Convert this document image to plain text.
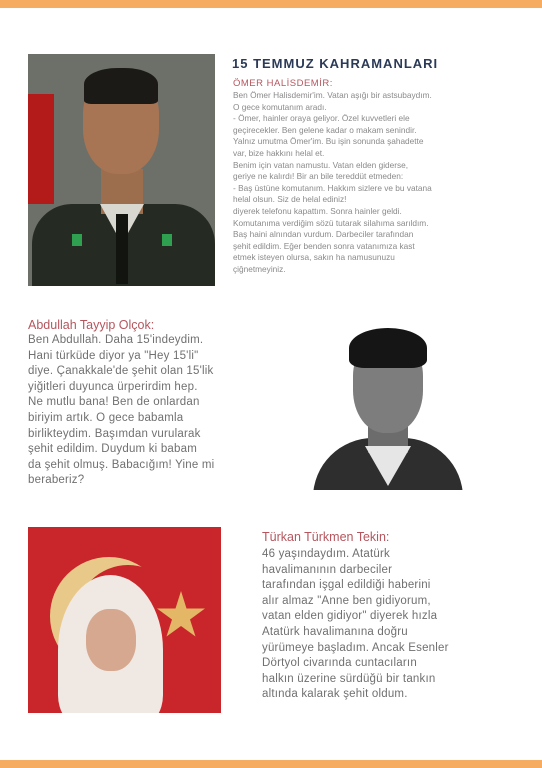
15 TEMMUZ KAHRAMANLARI
ÖMER HALİSDEMİR:
Ben Ömer Halisdemir'im. Vatan aşığı bir astsubaydım.
O gece komutanım aradı.
- Ömer, hainler oraya geliyor. Özel kuvvetleri ele
geçirecekler. Ben gelene kadar o makam senindir.
Yalnız umutma Ömer'im. Bu işin sonunda şahadette
var, bize hakkını helal et.
Benim için vatan namustu. Vatan elden giderse,
geriye ne kalırdı! Bir an bile tereddüt etmeden:
- Baş üstüne komutanım. Hakkım sizlere ve bu vatana
helal olsun. Siz de helal ediniz!
diyerek telefonu kapattım. Sonra hainler geldi.
Komutanıma verdiğim sözü tutarak silahıma sarıldım.
Baş haini alnından vurdum. Darbeciler tarafından
şehit edildim. Eğer benden sonra vatanımıza kast
etmek isteyen olursa, sakın ha namusunuzu
çiğnetmeyiniz.
Abdullah Tayyip Olçok:
Ben Abdullah. Daha 15'indeydim.
Hani türküde diyor ya "Hey 15'li"
diye. Çanakkale'de şehit olan 15'lik
yiğitleri duyunca ürperirdim hep.
Ne mutlu bana! Ben de onlardan
biriyim artık. O gece babamla
birlikteydim. Başımdan vurularak
şehit edildim. Duydum ki babam
da şehit olmuş. Babacığım! Yine mi
beraberiz?
Türkan Türkmen Tekin:
46 yaşındaydım. Atatürk
havalimanının darbeciler
tarafından işgal edildiği haberini
alır almaz "Anne ben gidiyorum,
vatan elden gidiyor" diyerek hızla
Atatürk havalimanına doğru
yürümeye başladım. Ancak Esenler
Dörtyol civarında cuntacıların
halkın üzerine sürdüğü bir tankın
altında kalarak şehit oldum.
